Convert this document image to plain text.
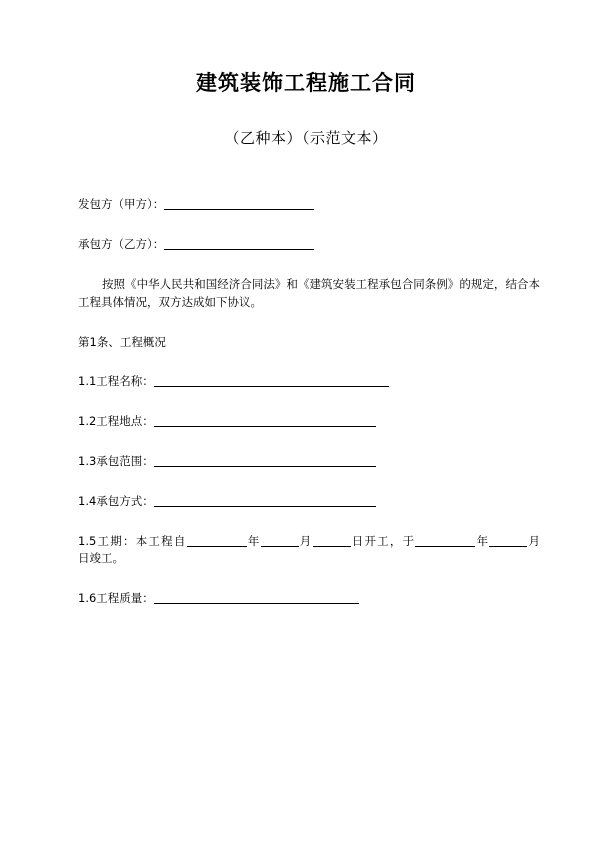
建筑装饰工程施工合同
（乙种本）（示范文本）

发包方（甲方）：

承包方（乙方）：

按照《中华人民共和国经济合同法》和《建筑安装工程承包合同条例》的规定，结合本工程具体情况，双方达成如下协议。

第1条、工程概况

1.1工程名称：

1.2工程地点：

1.3承包范围：

1.4承包方式：

1.5工期：本工程自	年	月	日开工，于	年	月日竣工。

1.6工程质量：
